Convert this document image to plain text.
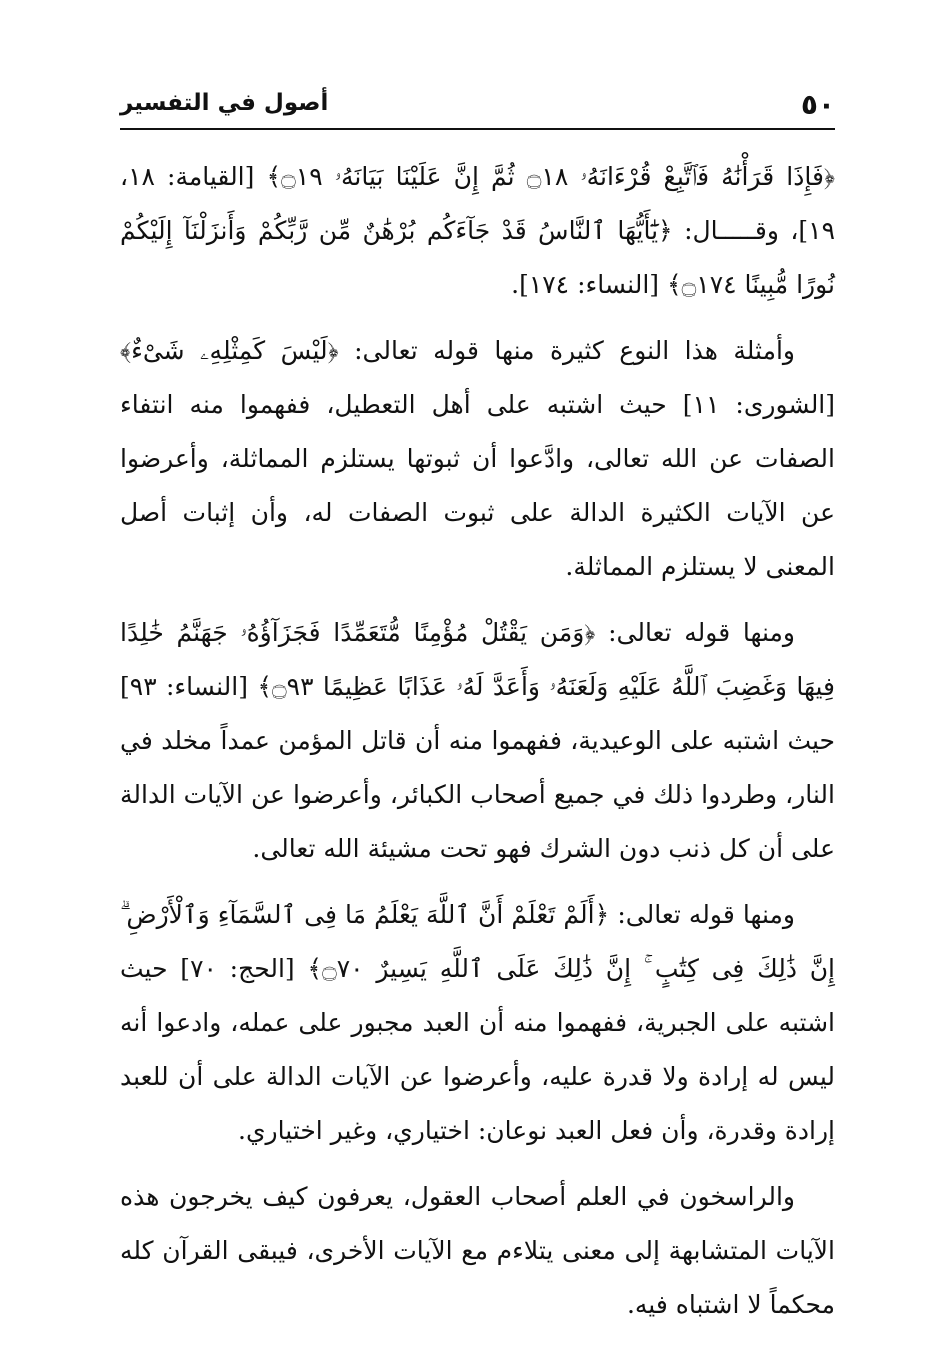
٥٠
أصول في التفسير

﴿فَإِذَا قَرَأْنَٰهُ فَٱتَّبِعْ قُرْءَانَهُۥ ۝١٨ ثُمَّ إِنَّ عَلَيْنَا بَيَانَهُۥ ۝١٩﴾ [القيامة: ١٨، ١٩]، وقـــــال: ﴿يَٰٓأَيُّهَا ٱلنَّاسُ قَدْ جَآءَكُم بُرْهَٰنٌ مِّن رَّبِّكُمْ وَأَنزَلْنَآ إِلَيْكُمْ نُورًا مُّبِينًا ۝١٧٤﴾ [النساء: ١٧٤].

وأمثلة هذا النوع كثيرة منها قوله تعالى: ﴿لَيْسَ كَمِثْلِهِۦ شَىْءٌ﴾ [الشورى: ١١] حيث اشتبه على أهل التعطيل، ففهموا منه انتفاء الصفات عن الله تعالى، وادَّعوا أن ثبوتها يستلزم المماثلة، وأعرضوا عن الآيات الكثيرة الدالة على ثبوت الصفات له، وأن إثبات أصل المعنى لا يستلزم المماثلة.

ومنها قوله تعالى: ﴿وَمَن يَقْتُلْ مُؤْمِنًا مُّتَعَمِّدًا فَجَزَآؤُهُۥ جَهَنَّمُ خَٰلِدًا فِيهَا وَغَضِبَ ٱللَّهُ عَلَيْهِ وَلَعَنَهُۥ وَأَعَدَّ لَهُۥ عَذَابًا عَظِيمًا ۝٩٣﴾ [النساء: ٩٣] حيث اشتبه على الوعيدية، ففهموا منه أن قاتل المؤمن عمداً مخلد في النار، وطردوا ذلك في جميع أصحاب الكبائر، وأعرضوا عن الآيات الدالة على أن كل ذنب دون الشرك فهو تحت مشيئة الله تعالى.

ومنها قوله تعالى: ﴿أَلَمْ تَعْلَمْ أَنَّ ٱللَّهَ يَعْلَمُ مَا فِى ٱلسَّمَآءِ وَٱلْأَرْضِ ۗ إِنَّ ذَٰلِكَ فِى كِتَٰبٍ ۚ إِنَّ ذَٰلِكَ عَلَى ٱللَّهِ يَسِيرٌ ۝٧٠﴾ [الحج: ٧٠] حيث اشتبه على الجبرية، ففهموا منه أن العبد مجبور على عمله، وادعوا أنه ليس له إرادة ولا قدرة عليه، وأعرضوا عن الآيات الدالة على أن للعبد إرادة وقدرة، وأن فعل العبد نوعان: اختياري، وغير اختياري.

والراسخون في العلم أصحاب العقول، يعرفون كيف يخرجون هذه الآيات المتشابهة إلى معنى يتلاءم مع الآيات الأخرى، فيبقى القرآن كله محكماً لا اشتباه فيه.
